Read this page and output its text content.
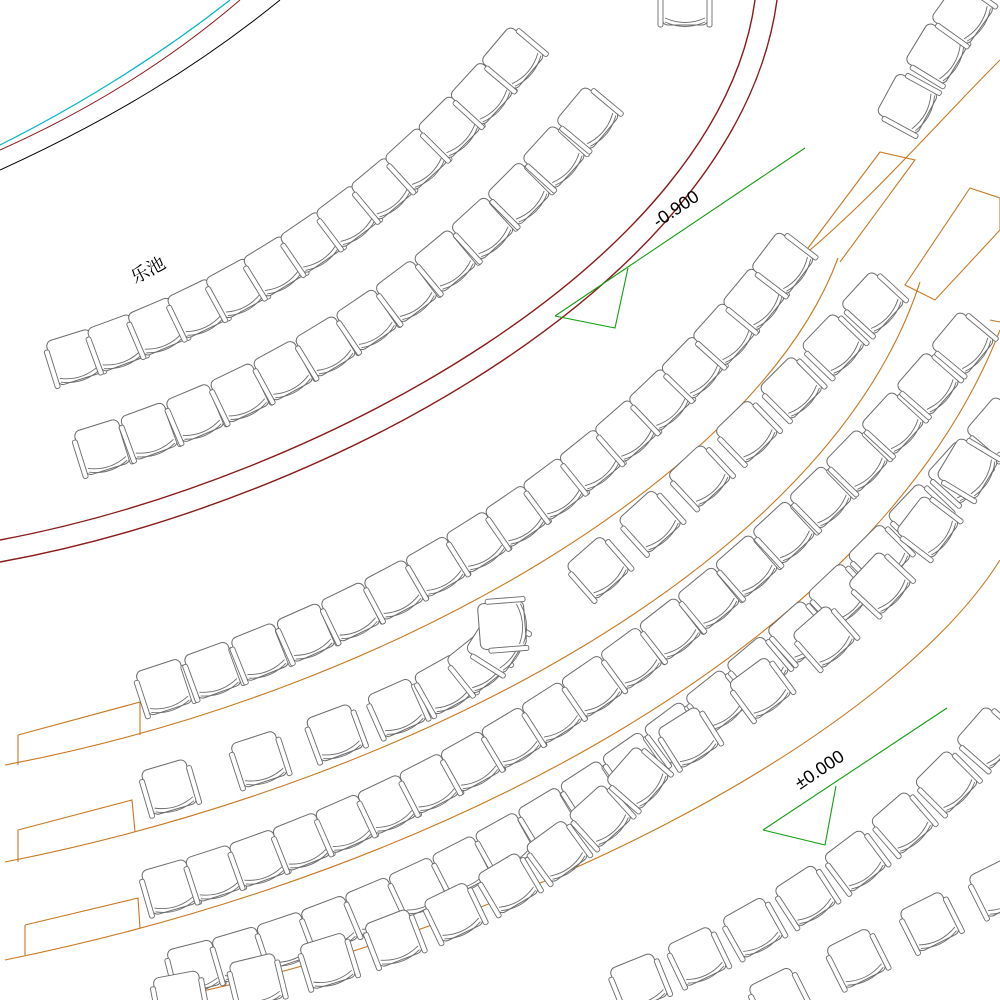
乐池
-0.900
±0.000
